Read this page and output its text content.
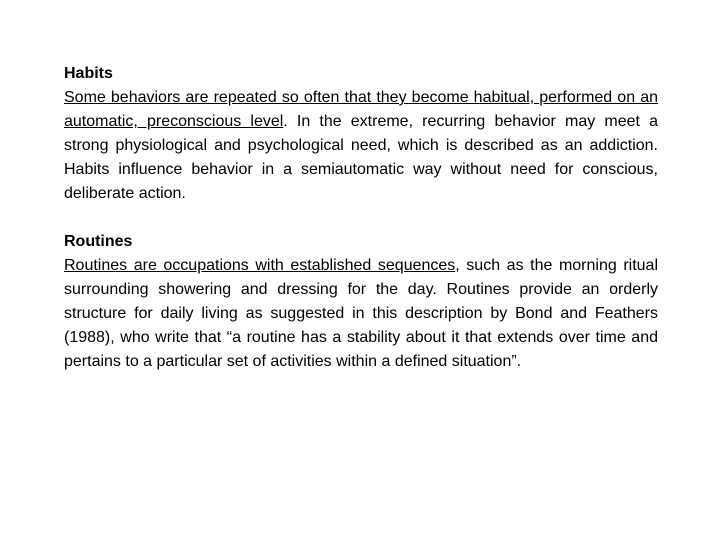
Habits

Some behaviors are repeated so often that they become habitual, performed on an automatic, preconscious level. In the extreme, recurring behavior may meet a strong physiological and psychological need, which is described as an addiction. Habits influence behavior in a semiautomatic way without need for conscious, deliberate action.

Routines

Routines are occupations with established sequences, such as the morning ritual surrounding showering and dressing for the day. Routines provide an orderly structure for daily living as suggested in this description by Bond and Feathers (1988), who write that “a routine has a stability about it that extends over time and pertains to a particular set of activities within a defined situation”.
